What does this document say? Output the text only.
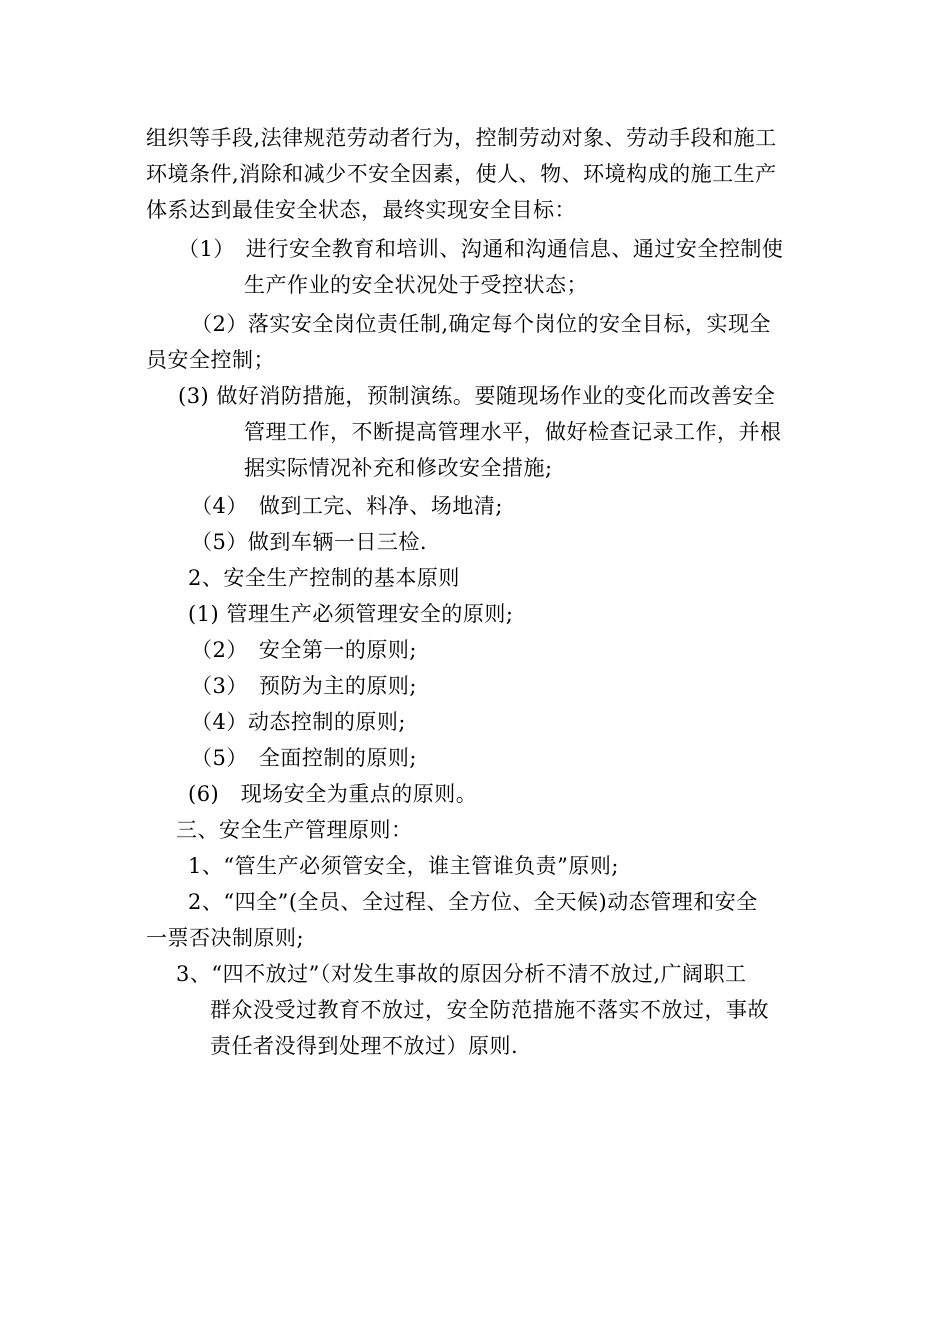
组织等手段,法律规范劳动者行为，控制劳动对象、劳动手段和施工
环境条件,消除和减少不安全因素，使人、物、环境构成的施工生产
体系达到最佳安全状态，最终实现安全目标：
（1）　进行安全教育和培训、沟通和沟通信息、通过安全控制使
生产作业的安全状况处于受控状态；
（2）落实安全岗位责任制,确定每个岗位的安全目标，实现全
员安全控制；
(3) 做好消防措施，预制演练。要随现场作业的变化而改善安全
管理工作，不断提高管理水平，做好检查记录工作，并根
据实际情况补充和修改安全措施;
（4）　做到工完、料净、场地清;
（5）做到车辆一日三检.
2、安全生产控制的基本原则
(1) 管理生产必须管理安全的原则;
（2）　安全第一的原则;
（3）　预防为主的原则;
（4）动态控制的原则;
（5）　全面控制的原则;
(6)　现场安全为重点的原则。
三、安全生产管理原则：
1、“管生产必须管安全，谁主管谁负责”原则;
2、“四全”(全员、全过程、全方位、全天候)动态管理和安全
一票否决制原则;
3、“四不放过”（对发生事故的原因分析不清不放过,广阔职工
群众没受过教育不放过，安全防范措施不落实不放过，事故
责任者没得到处理不放过）原则.
